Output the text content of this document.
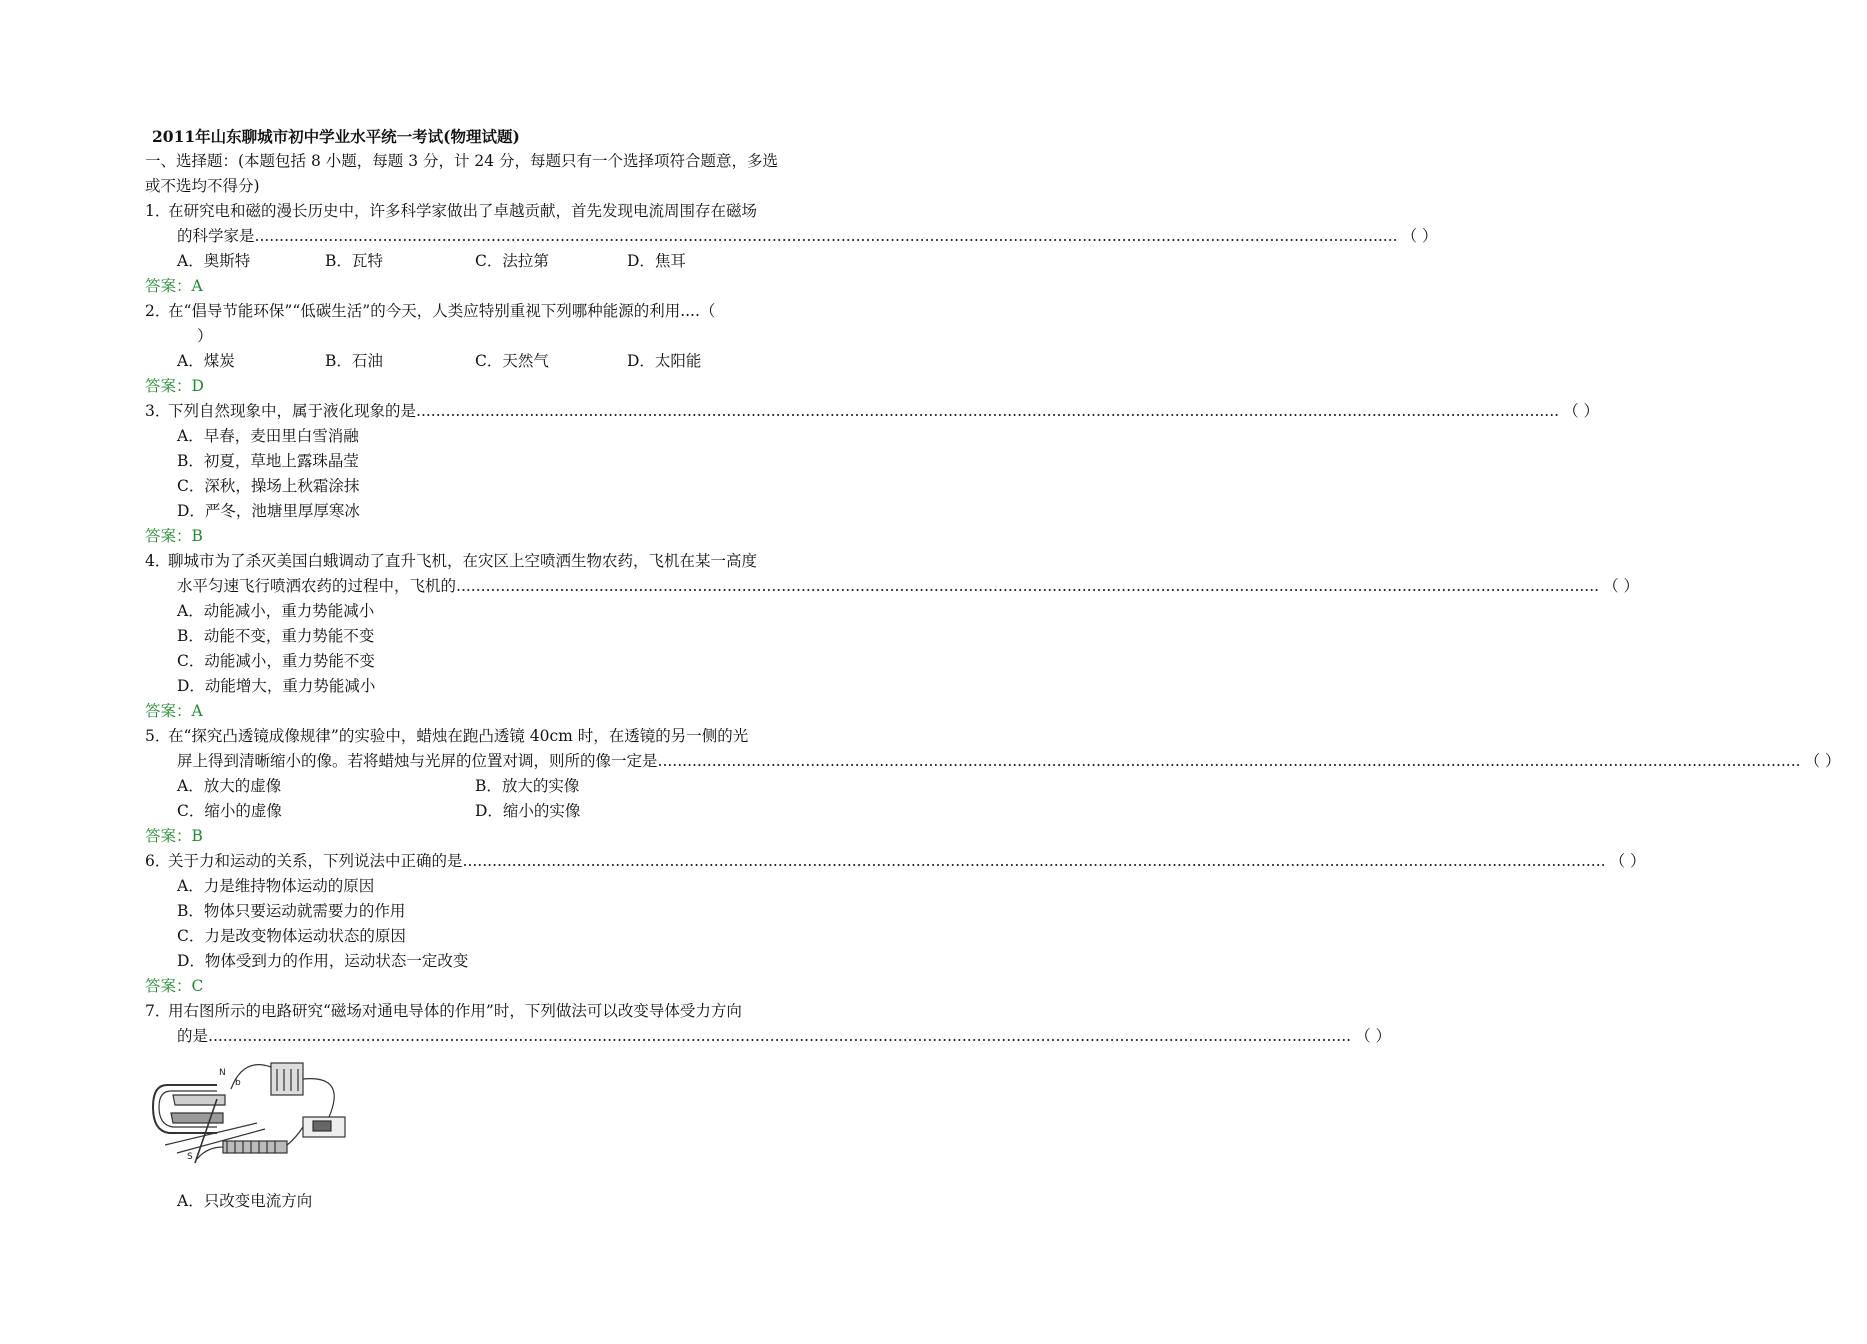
2011年山东聊城市初中学业水平统一考试(物理试题)
一、选择题：(本题包括 8 小题，每题 3 分，计 24 分，每题只有一个选择项符合题意，多选
或不选均不得分)
1．在研究电和磁的漫长历史中，许多科学家做出了卓越贡献，首先发现电流周围存在磁场
的科学家是 ........................................................................................................................................................................................................................................ （ ）
A．奥斯特	B．瓦特	C．法拉第	D．焦耳
答案：A
2．在“倡导节能环保”“低碳生活”的今天，人类应特别重视下列哪种能源的利用....（
）
A．煤炭	B．石油	C．天然气	D．太阳能
答案：D
3．
下列自然现象中，属于液化现象的是 ........................................................................................................................................................................................................................................ （ ）
A．早春，麦田里白雪消融
B．初夏，草地上露珠晶莹
C．深秋，操场上秋霜涂抹
D．严冬，池塘里厚厚寒冰
答案：B
4．聊城市为了杀灭美国白蛾调动了直升飞机，在灾区上空喷洒生物农药，飞机在某一高度
水平匀速飞行喷洒农药的过程中，飞机的 ........................................................................................................................................................................................................................................ （ ）
A．动能减小，重力势能减小
B．动能不变，重力势能不变
C．动能减小，重力势能不变
D．动能增大，重力势能减小
答案：A
5．在“探究凸透镜成像规律”的实验中，蜡烛在跑凸透镜 40cm 时，在透镜的另一侧的光
屏上得到清晰缩小的像。若将蜡烛与光屏的位置对调，则所的像一定是 ........................................................................................................................................................................................................................................ （ ）
A．放大的虚像	B．放大的实像
C．缩小的虚像	D．缩小的实像
答案：B
6．
关于力和运动的关系，下列说法中正确的是 ........................................................................................................................................................................................................................................ （ ）
A．力是维持物体运动的原因
B．物体只要运动就需要力的作用
C．力是改变物体运动状态的原因
D．物体受到力的作用，运动状态一定改变
答案：C
7．用右图所示的电路研究“磁场对通电导体的作用”时，下列做法可以改变导体受力方向
的是 ........................................................................................................................................................................................................................................ （ ）
N
b
S
A．只改变电流方向
